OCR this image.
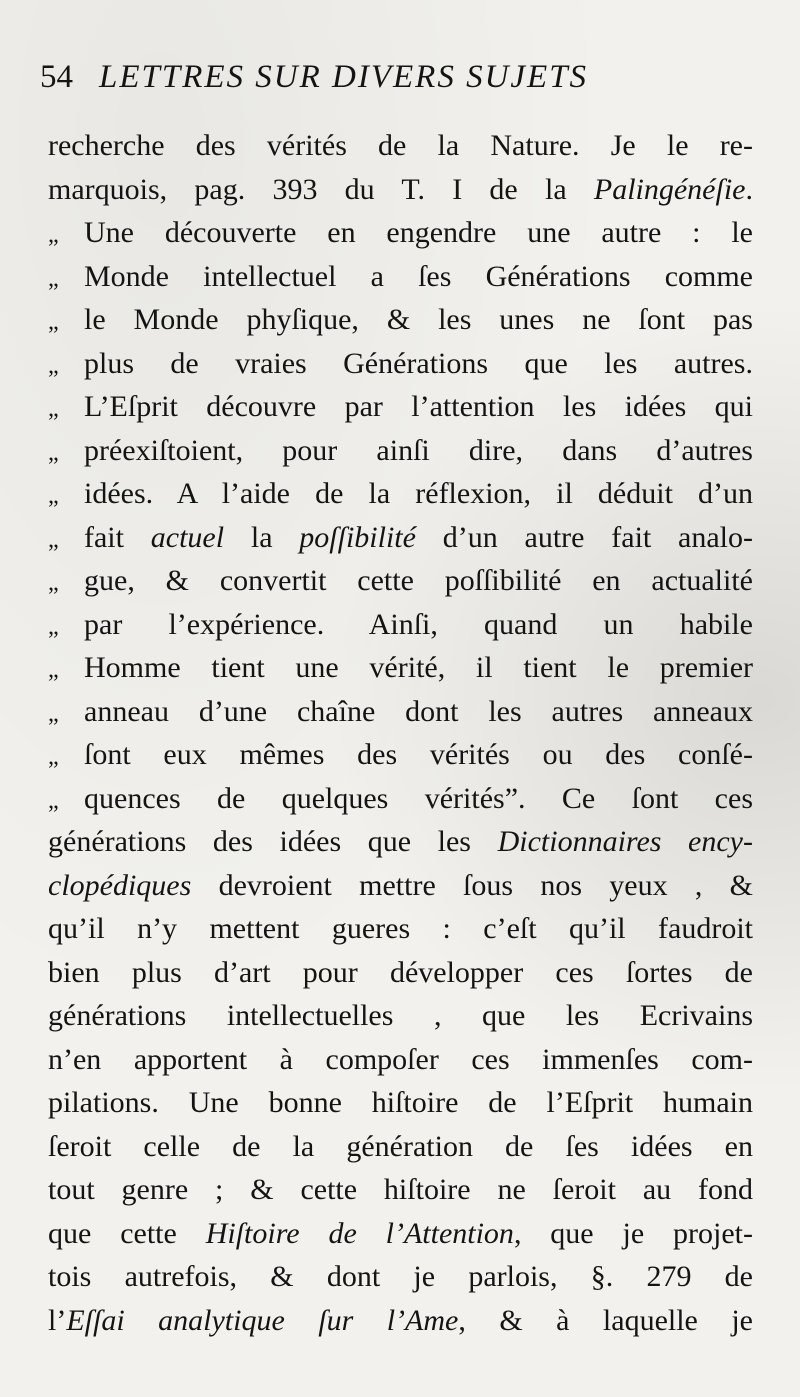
54 LETTRES SUR DIVERS SUJETS
recherche des vérités de la Nature. Je le re-
marquois, pag. 393 du T. I de la Palingénéſie.
„ Une découverte en engendre une autre : le
„ Monde intellectuel a ſes Générations comme
„ le Monde phyſique, & les unes ne ſont pas
„ plus de vraies Générations que les autres.
„ L’Eſprit découvre par l’attention les idées qui
„ préexiſtoient, pour ainſi dire, dans d’autres
„ idées. A l’aide de la réflexion, il déduit d’un
„ fait actuel la poſſibilité d’un autre fait analo-
„ gue, & convertit cette poſſibilité en actualité
„ par l’expérience. Ainſi, quand un habile
„ Homme tient une vérité, il tient le premier
„ anneau d’une chaîne dont les autres anneaux
„ ſont eux mêmes des vérités ou des conſé-
„ quences de quelques vérités”. Ce ſont ces
générations des idées que les Dictionnaires ency-
clopédiques devroient mettre ſous nos yeux , &
qu’il n’y mettent gueres : c’eſt qu’il faudroit
bien plus d’art pour développer ces ſortes de
générations intellectuelles , que les Ecrivains
n’en apportent à compoſer ces immenſes com-
pilations. Une bonne hiſtoire de l’Eſprit humain
ſeroit celle de la génération de ſes idées en
tout genre ; & cette hiſtoire ne ſeroit au fond
que cette Hiſtoire de l’Attention, que je projet-
tois autrefois, & dont je parlois, §. 279 de
l’Eſſai analytique ſur l’Ame, & à laquelle je
